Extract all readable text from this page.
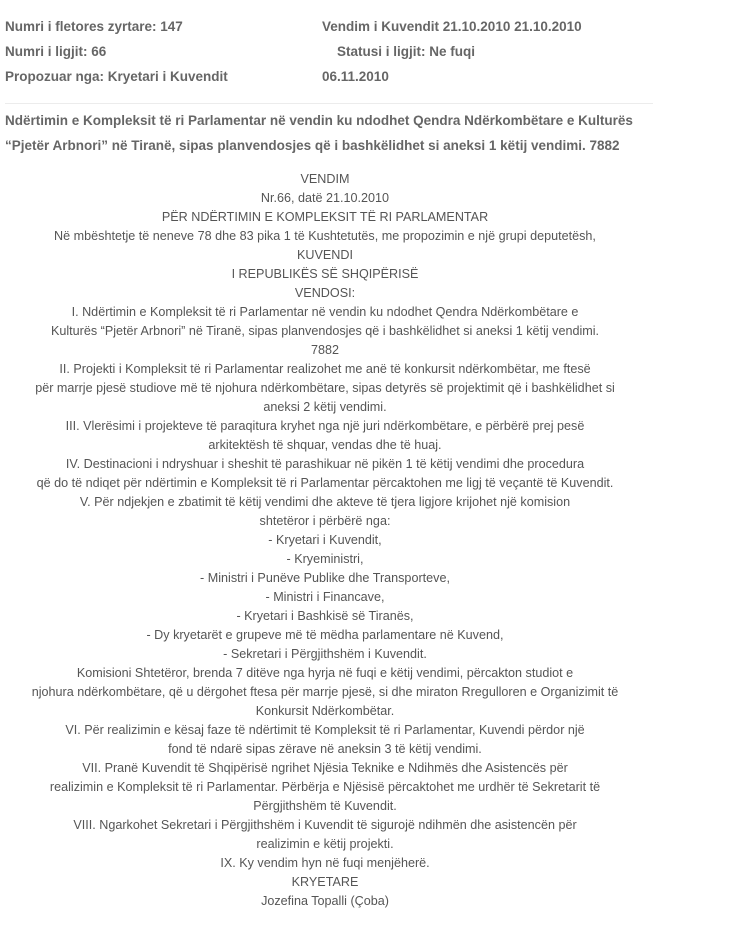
Numri i fletores zyrtare: 147	Vendim i Kuvendit 21.10.2010 21.10.2010
Numri i ligjit: 66	Statusi i ligjit: Ne fuqi
Propozuar nga: Kryetari i Kuvendit	06.11.2010
Ndërtimin e Kompleksit të ri Parlamentar në vendin ku ndodhet Qendra Ndërkombëtare e Kulturës
“Pjetër Arbnori” në Tiranë, sipas planvendosjes që i bashkëlidhet si aneksi 1 këtij vendimi. 7882

VENDIM

Nr.66, datë 21.10.2010

PËR NDËRTIMIN E KOMPLEKSIT TË RI PARLAMENTAR

Në mbështetje të neneve 78 dhe 83 pika 1 të Kushtetutës, me propozimin e një grupi deputetësh,

KUVENDI

I REPUBLIKËS SË SHQIPËRISË

VENDOSI:

I. Ndërtimin e Kompleksit të ri Parlamentar në vendin ku ndodhet Qendra Ndërkombëtare e

Kulturës “Pjetër Arbnori” në Tiranë, sipas planvendosjes që i bashkëlidhet si aneksi 1 këtij vendimi.

7882

II. Projekti i Kompleksit të ri Parlamentar realizohet me anë të konkursit ndërkombëtar, me ftesë

për marrje pjesë studiove më të njohura ndërkombëtare, sipas detyrës së projektimit që i bashkëlidhet si

aneksi 2 këtij vendimi.

III. Vlerësimi i projekteve të paraqitura kryhet nga një juri ndërkombëtare, e përbërë prej pesë

arkitektësh të shquar, vendas dhe të huaj.

IV. Destinacioni i ndryshuar i sheshit të parashikuar në pikën 1 të këtij vendimi dhe procedura

që do të ndiqet për ndërtimin e Kompleksit të ri Parlamentar përcaktohen me ligj të veçantë të Kuvendit.

V. Për ndjekjen e zbatimit të këtij vendimi dhe akteve të tjera ligjore krijohet një komision

shtetëror i përbërë nga:

- Kryetari i Kuvendit,

- Kryeministri,

- Ministri i Punëve Publike dhe Transporteve,

- Ministri i Financave,

- Kryetari i Bashkisë së Tiranës,

- Dy kryetarët e grupeve më të mëdha parlamentare në Kuvend,

- Sekretari i Përgjithshëm i Kuvendit.

Komisioni Shtetëror, brenda 7 ditëve nga hyrja në fuqi e këtij vendimi, përcakton studiot e

njohura ndërkombëtare, që u dërgohet ftesa për marrje pjesë, si dhe miraton Rregulloren e Organizimit të

Konkursit Ndërkombëtar.

VI. Për realizimin e kësaj faze të ndërtimit të Kompleksit të ri Parlamentar, Kuvendi përdor një

fond të ndarë sipas zërave në aneksin 3 të këtij vendimi.

VII. Pranë Kuvendit të Shqipërisë ngrihet Njësia Teknike e Ndihmës dhe Asistencës për

realizimin e Kompleksit të ri Parlamentar. Përbërja e Njësisë përcaktohet me urdhër të Sekretarit të

Përgjithshëm të Kuvendit.

VIII. Ngarkohet Sekretari i Përgjithshëm i Kuvendit të sigurojë ndihmën dhe asistencën për

realizimin e këtij projekti.

IX. Ky vendim hyn në fuqi menjëherë.

KRYETARE

Jozefina Topalli (Çoba)
